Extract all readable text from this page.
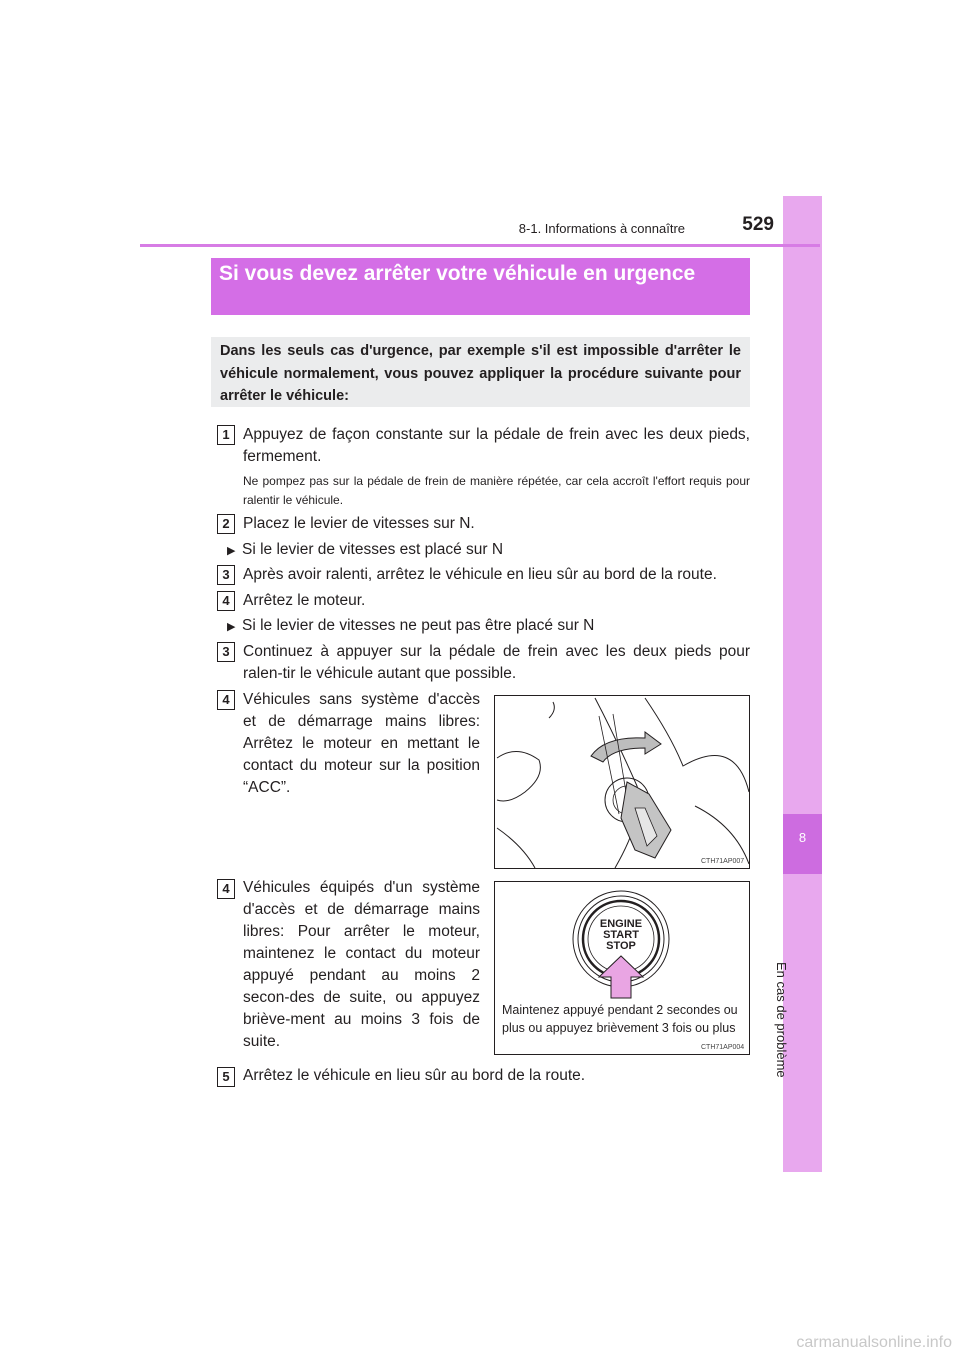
8
En cas de problème
8-1. Informations à connaître	529
Si vous devez arrêter votre véhicule en urgence
Dans les seuls cas d'urgence, par exemple s'il est impossible d'arrêter le véhicule normalement, vous pouvez appliquer la procédure suivante pour arrêter le véhicule:
1 Appuyez de façon constante sur la pédale de frein avec les deux pieds, fermement.
Ne pompez pas sur la pédale de frein de manière répétée, car cela accroît l'effort requis pour ralentir le véhicule.
2 Placez le levier de vitesses sur N.
▶ Si le levier de vitesses est placé sur N
3 Après avoir ralenti, arrêtez le véhicule en lieu sûr au bord de la route.
4 Arrêtez le moteur.
▶ Si le levier de vitesses ne peut pas être placé sur N
3 Continuez à appuyer sur la pédale de frein avec les deux pieds pour ralen-tir le véhicule autant que possible.
4 Véhicules sans système d'accès et de démarrage mains libres: Arrêtez le moteur en mettant le contact du moteur sur la position “ACC”.
CTH71AP007
4 Véhicules équipés d'un système d'accès et de démarrage mains libres: Pour arrêter le moteur, maintenez le contact du moteur appuyé pendant au moins 2 secon-des de suite, ou appuyez briève-ment au moins 3 fois de suite.
ENGINE
START
STOP
Maintenez appuyé pendant 2 secondes ou plus ou appuyez brièvement 3 fois ou plus
CTH71AP004
5 Arrêtez le véhicule en lieu sûr au bord de la route.
carmanualsonline.info
